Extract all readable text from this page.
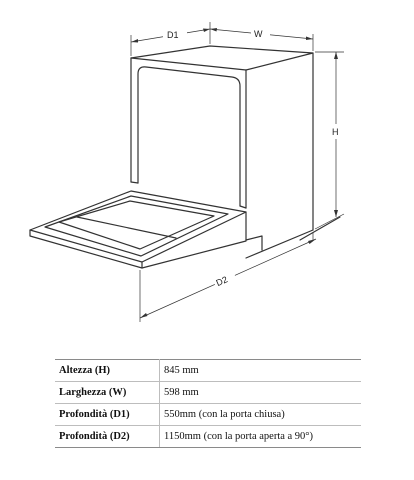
D1	W
H
D2
Altezza (H)	845 mm
Larghezza (W)	598 mm
Profondità (D1)	550mm (con la porta chiusa)
Profondità (D2)	1150mm (con la porta aperta a 90°)
